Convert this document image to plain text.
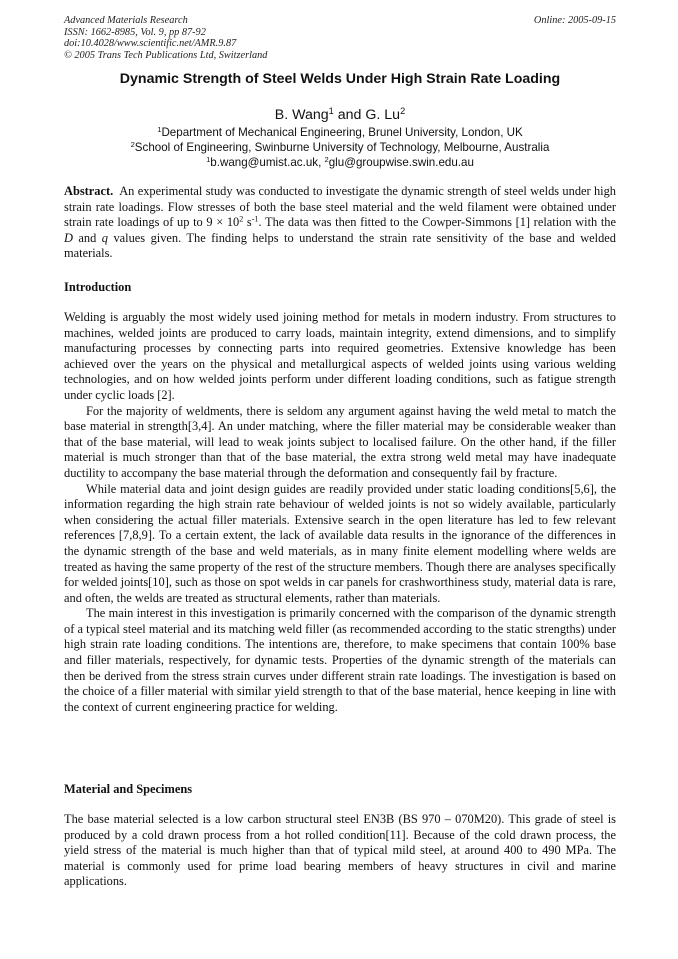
Advanced Materials Research
ISSN: 1662-8985, Vol. 9, pp 87-92
doi:10.4028/www.scientific.net/AMR.9.87
© 2005 Trans Tech Publications Ltd, Switzerland
Online: 2005-09-15
Dynamic Strength of Steel Welds Under High Strain Rate Loading
B. Wang$^1$ and G. Lu$^2$
$^1$Department of Mechanical Engineering, Brunel University, London, UK
$^2$School of Engineering, Swinburne University of Technology, Melbourne, Australia
$^1$b.wang@umist.ac.uk, $^2$glu@groupwise.swin.edu.au

Abstract. An experimental study was conducted to investigate the dynamic strength of steel welds under high strain rate loadings. Flow stresses of both the base steel material and the weld filament were obtained under strain rate loadings of up to $9 \times 10^2$ $s^{-1}$. The data was then fitted to the Cowper-Simmons [1] relation with the D and q values given. The finding helps to understand the strain rate sensitivity of the base and welded materials.

Introduction

Welding is arguably the most widely used joining method for metals in modern industry. From structures to machines, welded joints are produced to carry loads, maintain integrity, extend dimensions, and to simplify manufacturing processes by connecting parts into required geometries. Extensive knowledge has been achieved over the years on the physical and metallurgical aspects of welded joints using various welding technologies, and on how welded joints perform under different loading conditions, such as fatigue strength under cyclic loads [2].

For the majority of weldments, there is seldom any argument against having the weld metal to match the base material in strength[3,4]. An under matching, where the filler material may be considerable weaker than that of the base material, will lead to weak joints subject to localised failure. On the other hand, if the filler material is much stronger than that of the base material, the extra strong weld metal may have inadequate ductility to accompany the base material through the deformation and consequently fail by fracture.

While material data and joint design guides are readily provided under static loading conditions[5,6], the information regarding the high strain rate behaviour of welded joints is not so widely available, particularly when considering the actual filler materials. Extensive search in the open literature has led to few relevant references [7,8,9]. To a certain extent, the lack of available data results in the ignorance of the differences in the dynamic strength of the base and weld materials, as in many finite element modelling where welds are treated as having the same property of the rest of the structure members. Though there are analyses specifically for welded joints[10], such as those on spot welds in car panels for crashworthiness study, material data is rare, and often, the welds are treated as structural elements, rather than materials.

The main interest in this investigation is primarily concerned with the comparison of the dynamic strength of a typical steel material and its matching weld filler (as recommended according to the static strengths) under high strain rate loading conditions. The intentions are, therefore, to make specimens that contain 100% base and filler materials, respectively, for dynamic tests. Properties of the dynamic strength of the materials can then be derived from the stress strain curves under different strain rate loadings. The investigation is based on the choice of a filler material with similar yield strength to that of the base material, hence keeping in line with the context of current engineering practice for welding.

Material and Specimens

The base material selected is a low carbon structural steel EN3B (BS 970 – 070M20). This grade of steel is produced by a cold drawn process from a hot rolled condition[11]. Because of the cold drawn process, the yield stress of the material is much higher than that of typical mild steel, at around 400 to 490 MPa. The material is commonly used for prime load bearing members of heavy structures in civil and marine applications.
